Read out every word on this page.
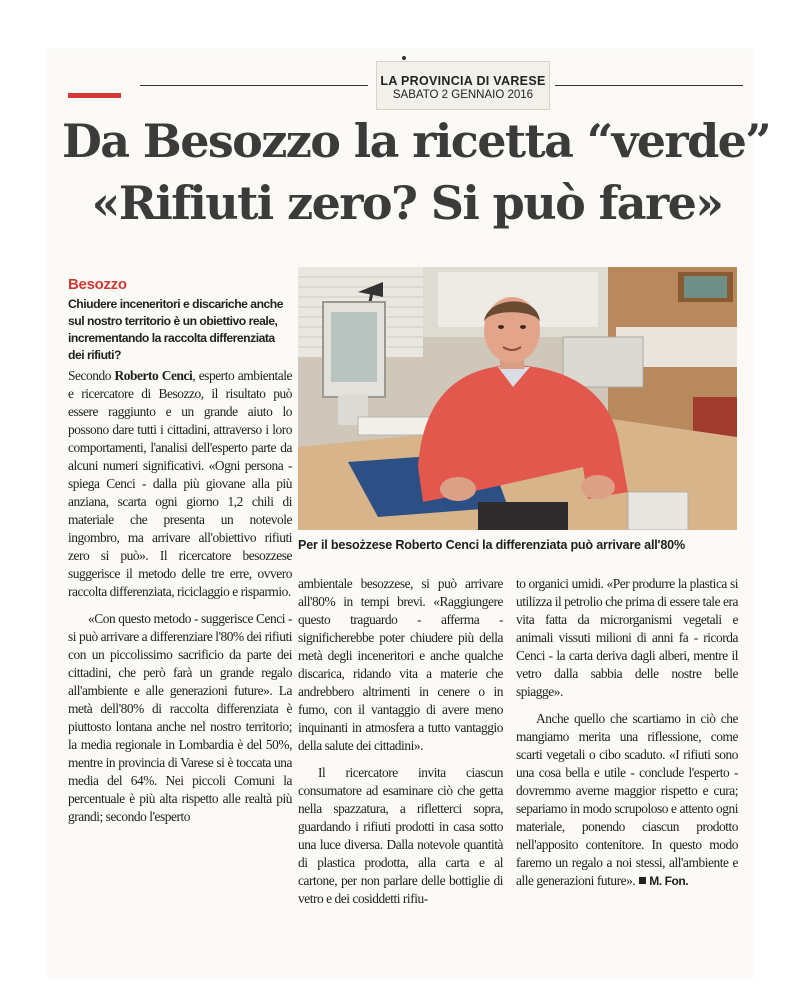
LA PROVINCIA DI VARESE
SABATO 2 GENNAIO 2016
Da Besozzo la ricetta “verde”
«Rifiuti zero? Si può fare»
Besozzo
Chiudere inceneritori e discariche anche sul nostro territorio è un obiettivo reale, incrementando la raccolta differenziata dei rifiuti?

Secondo Roberto Cenci, esperto ambientale e ricercatore di Besozzo, il risultato può essere raggiunto e un grande aiuto lo possono dare tutti i cittadini, attraverso i loro comportamenti, l'analisi dell'esperto parte da alcuni numeri significativi. «Ogni persona - spiega Cenci - dalla più giovane alla più anziana, scarta ogni giorno 1,2 chili di materiale che presenta un notevole ingombro, ma arrivare all'obiettivo rifiuti zero si può». Il ricercatore besozzese suggerisce il metodo delle tre erre, ovvero raccolta differenziata, riciclaggio e risparmio.

«Con questo metodo - suggerisce Cenci - si può arrivare a differenziare l'80% dei rifiuti con un piccolissimo sacrificio da parte dei cittadini, che però farà un grande regalo all'ambiente e alle generazioni future». La metà dell'80% di raccolta differenziata è piuttosto lontana anche nel nostro territorio; la media regionale in Lombardia è del 50%, mentre in provincia di Varese si è toccata una media del 64%. Nei piccoli Comuni la percentuale è più alta rispetto alle realtà più grandi; secondo l'esperto

Per il besożzese Roberto Cenci la differenziata può arrivare all'80%

ambientale besozzese, si può arrivare all'80% in tempi brevi. «Raggiungere questo traguardo - afferma - significherebbe poter chiudere più della metà degli inceneritori e anche qualche discarica, ridando vita a materie che andrebbero altrimenti in cenere o in fumo, con il vantaggio di avere meno inquinanti in atmosfera a tutto vantaggio della salute dei cittadini».

Il ricercatore invita ciascun consumatore ad esaminare ciò che getta nella spazzatura, a rifletterci sopra, guardando i rifiuti prodotti in casa sotto una luce diversa. Dalla notevole quantità di plastica prodotta, alla carta e al cartone, per non parlare delle bottiglie di vetro e dei cosiddetti rifiu-

to organici umidi. «Per produrre la plastica si utilizza il petrolio che prima di essere tale era vita fatta da microrganismi vegetali e animali vissuti milioni di anni fa - ricorda Cenci - la carta deriva dagli alberi, mentre il vetro dalla sabbia delle nostre belle spiagge».

Anche quello che scartiamo in ciò che mangiamo merita una riflessione, come scarti vegetali o cibo scaduto. «I rifiuti sono una cosa bella e utile - conclude l'esperto - dovremmo averne maggior rispetto e cura; separiamo in modo scrupoloso e attento ogni materiale, ponendo ciascun prodotto nell'apposito contenitore. In questo modo faremo un regalo a noi stessi, all'ambiente e alle generazioni future». M. Fon.
